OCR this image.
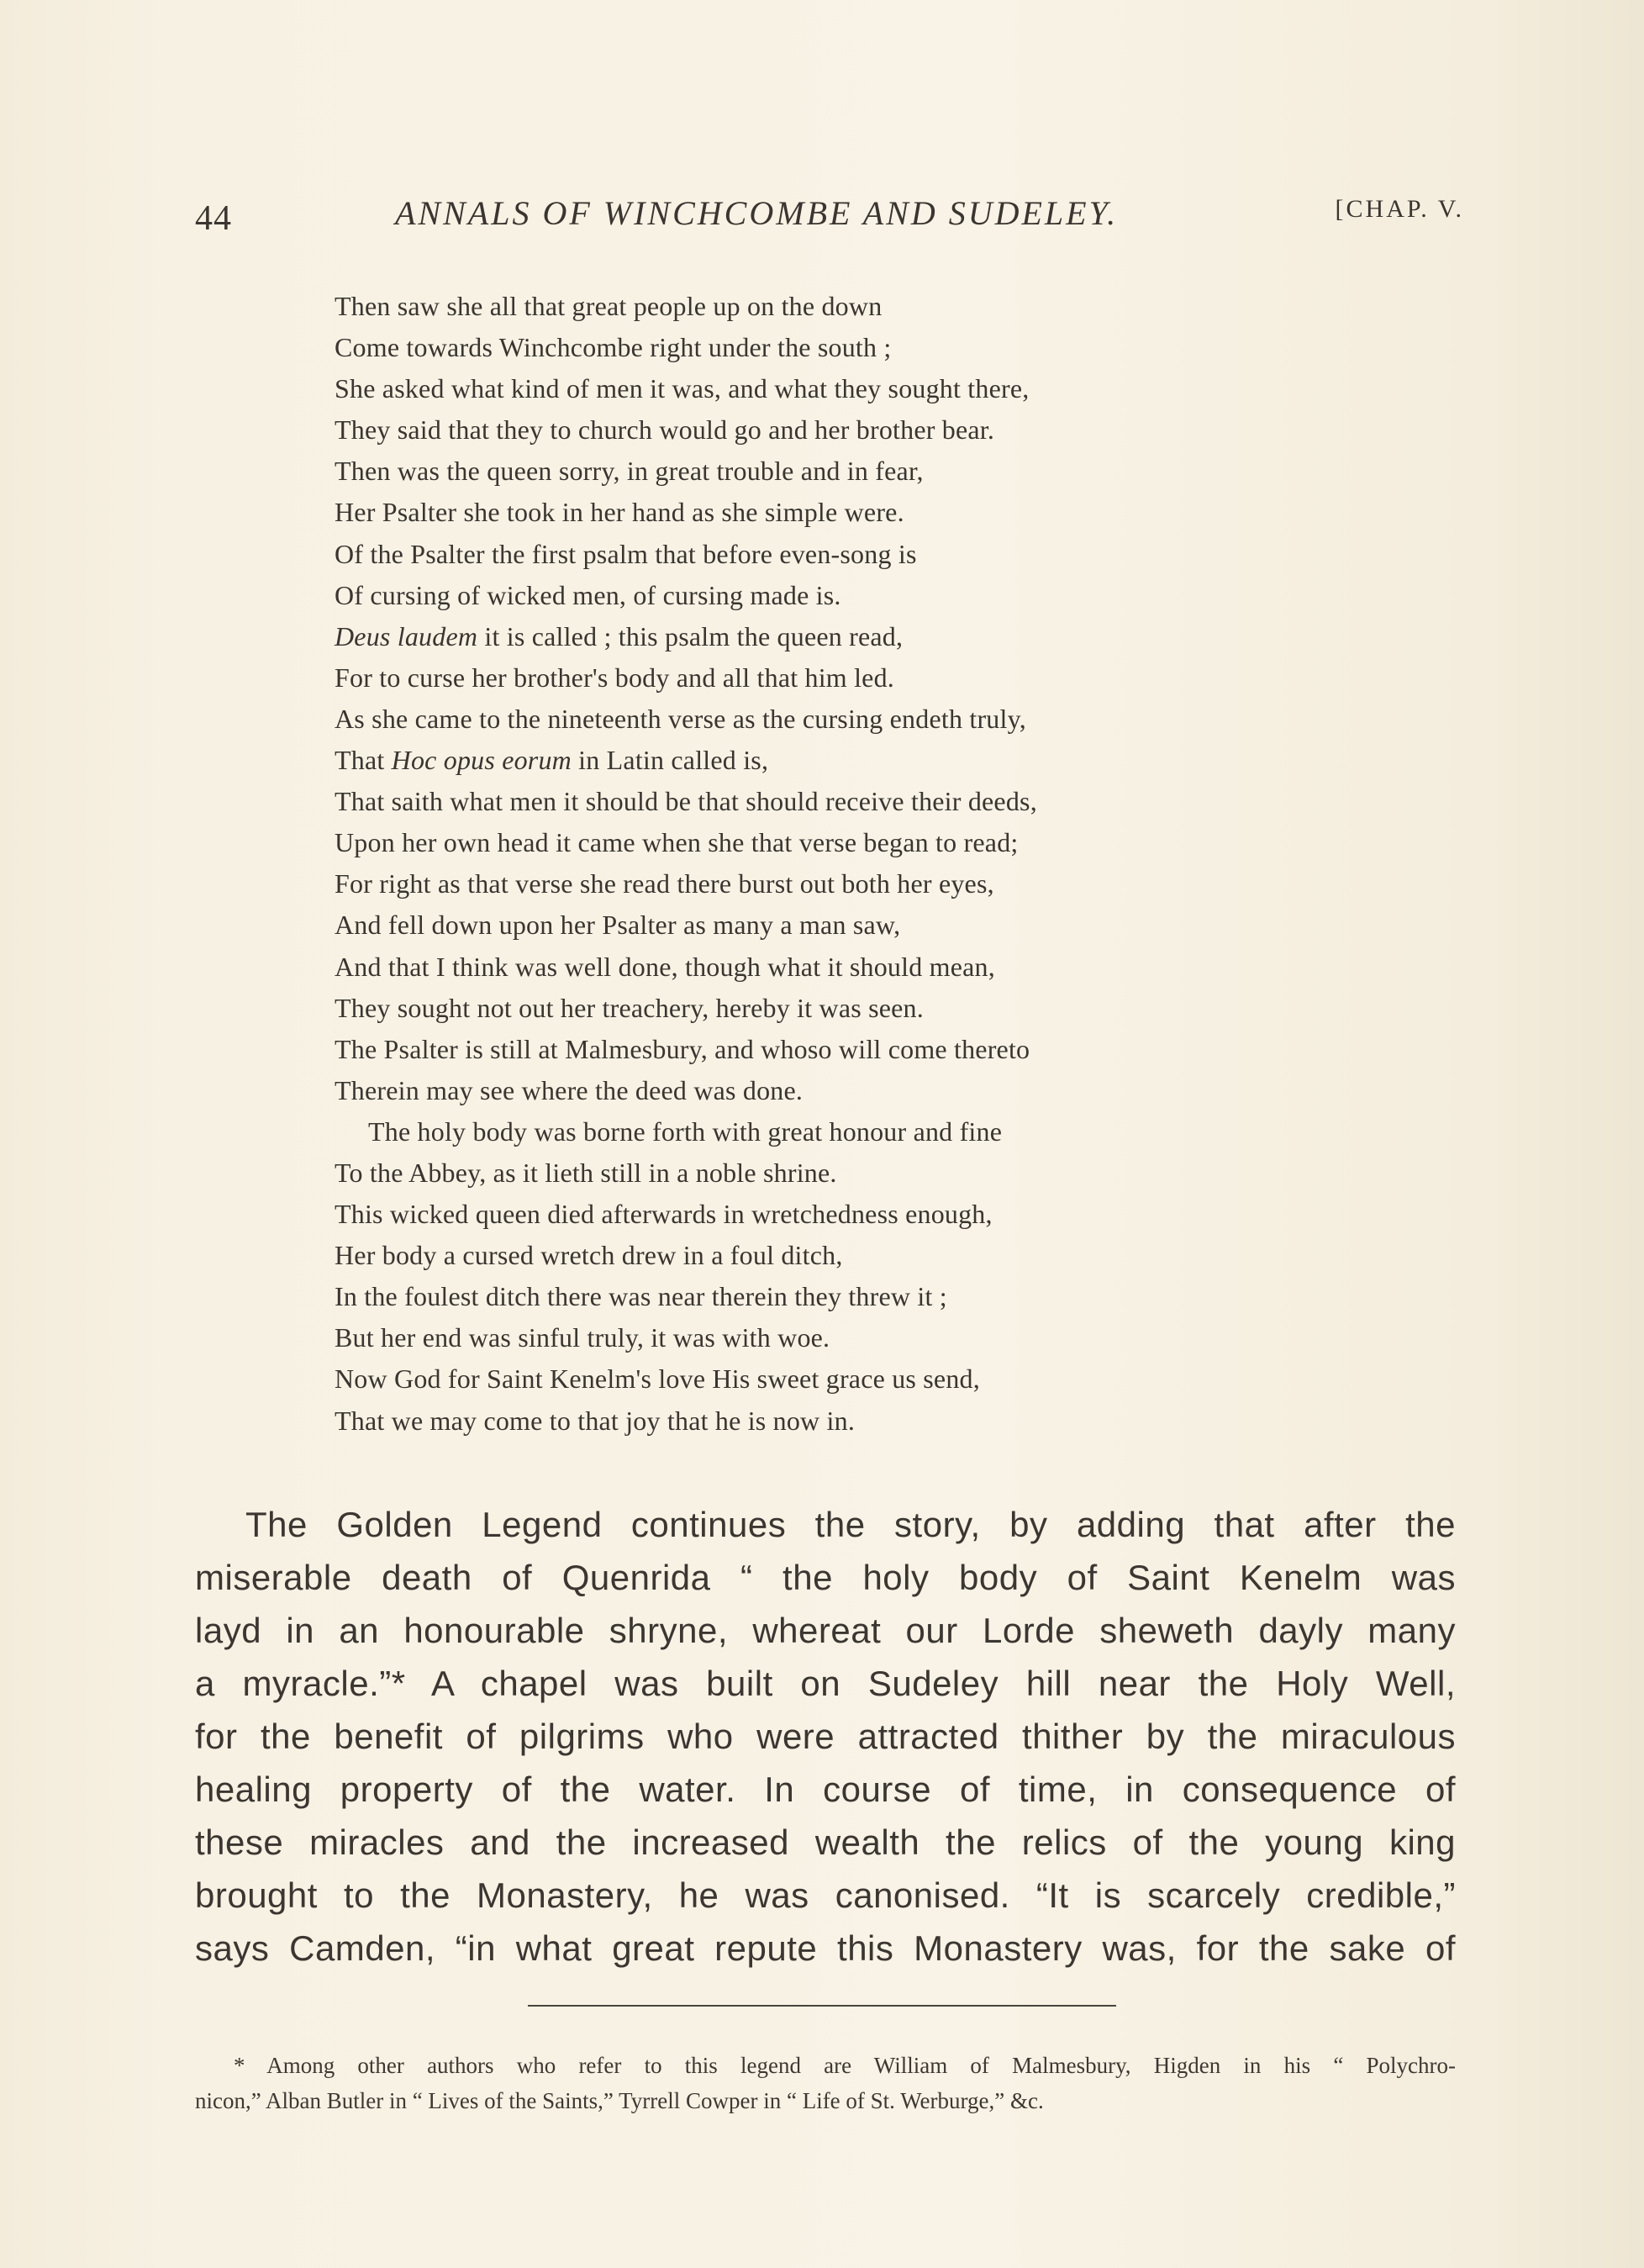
44	ANNALS OF WINCHCOMBE AND SUDELEY.	[CHAP. V.
Then saw she all that great people up on the down
Come towards Winchcombe right under the south ;
She asked what kind of men it was, and what they sought there,
They said that they to church would go and her brother bear.
Then was the queen sorry, in great trouble and in fear,
Her Psalter she took in her hand as she simple were.
Of the Psalter the first psalm that before even-song is
Of cursing of wicked men, of cursing made is.
Deus laudem it is called ; this psalm the queen read,
For to curse her brother's body and all that him led.
As she came to the nineteenth verse as the cursing endeth truly,
That Hoc opus eorum in Latin called is,
That saith what men it should be that should receive their deeds,
Upon her own head it came when she that verse began to read;
For right as that verse she read there burst out both her eyes,
And fell down upon her Psalter as many a man saw,
And that I think was well done, though what it should mean,
They sought not out her treachery, hereby it was seen.
The Psalter is still at Malmesbury, and whoso will come thereto
Therein may see where the deed was done.
The holy body was borne forth with great honour and fine
To the Abbey, as it lieth still in a noble shrine.
This wicked queen died afterwards in wretchedness enough,
Her body a cursed wretch drew in a foul ditch,
In the foulest ditch there was near therein they threw it ;
But her end was sinful truly, it was with woe.
Now God for Saint Kenelm's love His sweet grace us send,
That we may come to that joy that he is now in.
The Golden Legend continues the story, by adding that after the
miserable death of Quenrida “ the holy body of Saint Kenelm was
layd in an honourable shryne, whereat our Lorde sheweth dayly many
a myracle.”* A chapel was built on Sudeley hill near the Holy Well,
for the benefit of pilgrims who were attracted thither by the miraculous
healing property of the water. In course of time, in consequence of
these miracles and the increased wealth the relics of the young king
brought to the Monastery, he was canonised. “It is scarcely credible,”
says Camden, “in what great repute this Monastery was, for the sake of
* Among other authors who refer to this legend are William of Malmesbury, Higden in his “ Polychro-
nicon,” Alban Butler in “ Lives of the Saints,” Tyrrell Cowper in “ Life of St. Werburge,” &c.
